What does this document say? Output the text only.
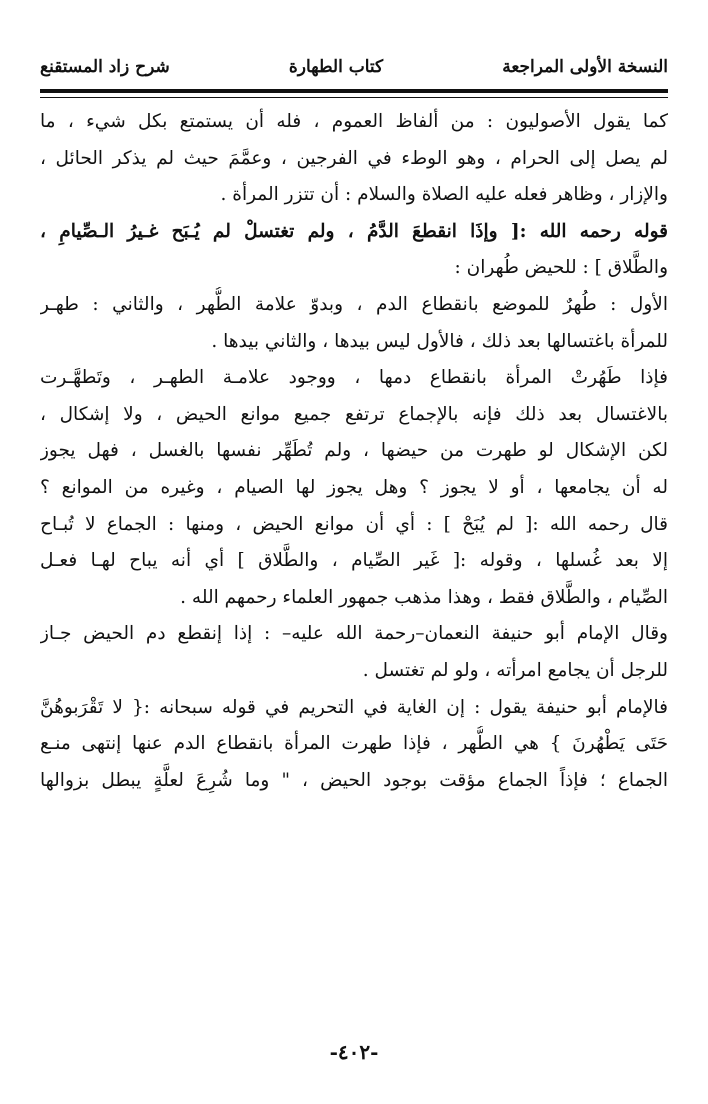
شرح زاد المستقنع	كتاب الطهارة	النسخة الأولى المراجعة
كما يقول الأصوليون : من ألفاظ العموم ، فله أن يستمتع بكل شيء ، ما
لم يصل إلى الحرام ، وهو الوطء في الفرجين ، وعمَّمَ حيث لم يذكر الحائل ،
والإزار ، وظاهر فعله عليه الصلاة والسلام : أن تتزر المرأة .
قوله رحمه الله :[ وإذَا انقطعَ الدَّمُ ، ولم تغتسلْ لم يُـبَح غـيرُ الـصِّيامِ ،
والطَّلاق ] : للحيض طُهران :
الأول : طُهرٌ للموضع بانقطاع الدم ، وبدوّ علامة الطُّهر ، والثاني : طهـر
للمرأة باغتسالها بعد ذلك ، فالأول ليس بيدها ، والثاني بيدها .
فإذا طَهُرتْ المرأة بانقطاع دمها ، ووجود علامـة الطهـر ، وتَطهَّـرت
بالاغتسال بعد ذلك فإنه بالإجماع ترتفع جميع موانع الحيض ، ولا إشكال ،
لكن الإشكال لو طهرت من حيضها ، ولم تُطَهِّر نفسها بالغسل ، فهل يجوز
له أن يجامعها ، أو لا يجوز ؟ وهل يجوز لها الصيام ، وغيره من الموانع ؟
قال رحمه الله :[ لم يُبَحْ ] : أي أن موانع الحيض ، ومنها : الجماع لا تُبـاح
إلا بعد غُسلها ، وقوله :[ غَير الصِّيام ، والطَّلاق ] أي أنه يباح لهـا فعـل
الصِّيام ، والطَّلاق فقط ، وهذا مذهب جمهور العلماء رحمهم الله .
وقال الإمام أبو حنيفة النعمان–رحمة الله عليه– : إذا إنقطع دم الحيض جـاز
للرجل أن يجامع امرأته ، ولو لم تغتسل .
فالإمام أبو حنيفة يقول : إن الغاية في التحريم في قوله سبحانه :{ لا تَقْرَبوهُنَّ
حَتَى يَطْهُرنَ } هي الطُّهر ، فإذا طهرت المرأة بانقطاع الدم عنها إنتهى منـع
الجماع ؛ فإذاً الجماع مؤقت بوجود الحيض ، " وما شُرِعَ لعلَّةٍ يبطل بزوالها
-٤٠٢-
